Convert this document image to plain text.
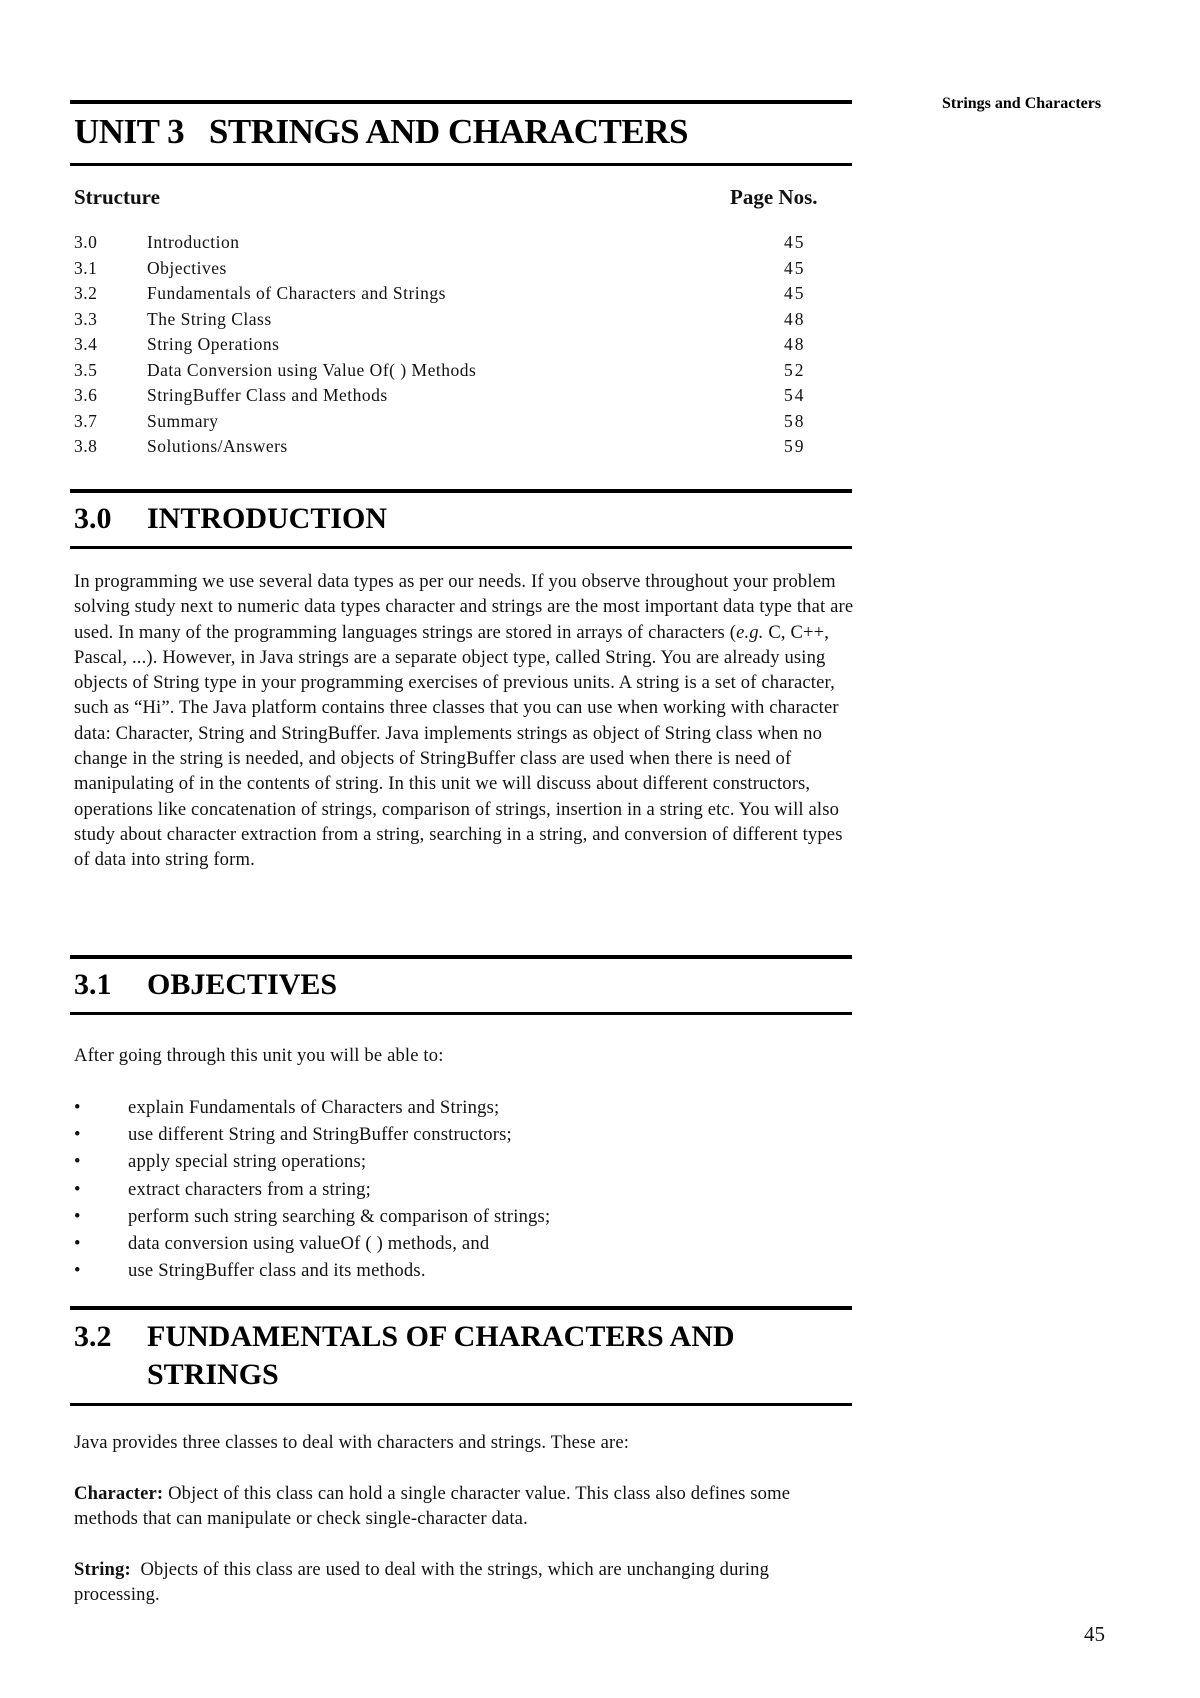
Strings and Characters
UNIT 3   STRINGS AND CHARACTERS
Structure	Page Nos.
3.0	Introduction	45
3.1	Objectives	45
3.2	Fundamentals of Characters and Strings	45
3.3	The String Class	48
3.4	String Operations	48
3.5	Data Conversion using Value Of( ) Methods	52
3.6	StringBuffer Class and Methods	54
3.7	Summary	58
3.8	Solutions/Answers	59
3.0 INTRODUCTION

In programming we use several data types as per our needs. If you observe throughout your problem solving study next to numeric data types character and strings are the most important data type that are used. In many of the programming languages strings are stored in arrays of characters (e.g. C, C++, Pascal, ...). However, in Java strings are a separate object type, called String. You are already using objects of String type in your programming exercises of previous units. A string is a set of character, such as “Hi”. The Java platform contains three classes that you can use when working with character data: Character, String and StringBuffer. Java implements strings as object of String class when no change in the string is needed, and objects of StringBuffer class are used when there is need of manipulating of in the contents of string. In this unit we will discuss about different constructors, operations like concatenation of strings, comparison of strings, insertion in a string etc. You will also study about character extraction from a string, searching in a string, and conversion of different types of data into string form.

3.1 OBJECTIVES

After going through this unit you will be able to:

•	explain Fundamentals of Characters and Strings;
•	use different String and StringBuffer constructors;
•	apply special string operations;
•	extract characters from a string;
•	perform such string searching & comparison of strings;
•	data conversion using valueOf ( ) methods, and
•	use StringBuffer class and its methods.
3.2 FUNDAMENTALS OF CHARACTERS AND
STRINGS

Java provides three classes to deal with characters and strings. These are:

Character: Object of this class can hold a single character value. This class also defines some methods that can manipulate or check single-character data.

String:  Objects of this class are used to deal with the strings, which are unchanging during processing.

45
